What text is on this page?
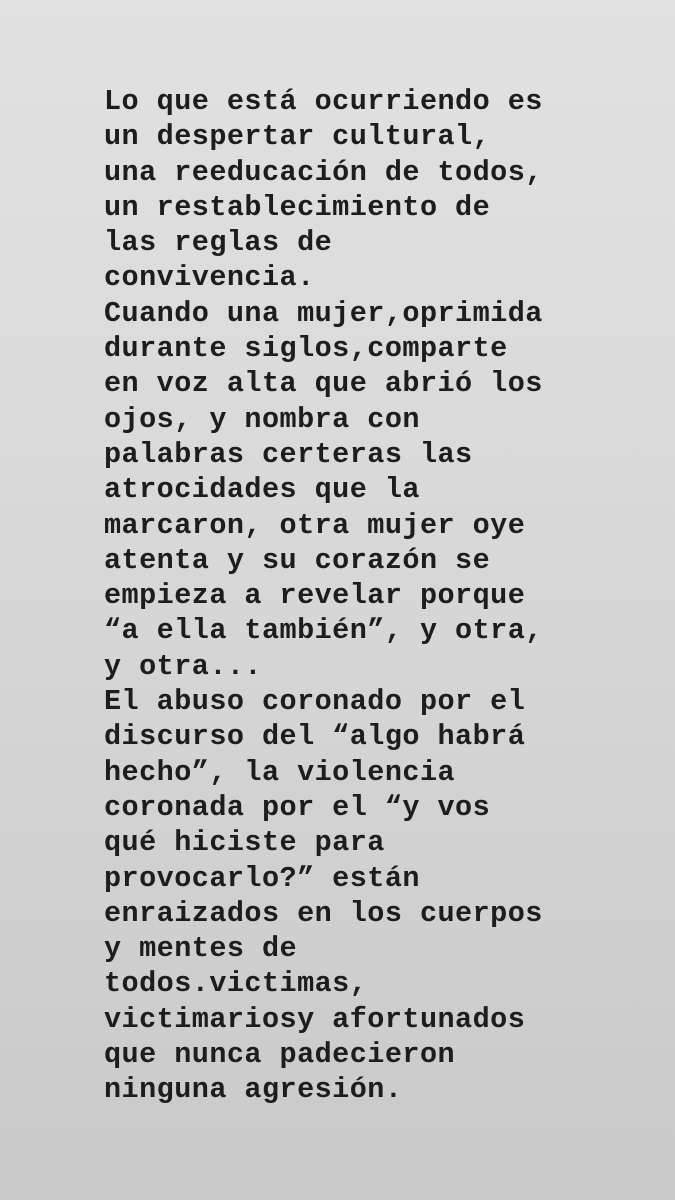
Lo que está ocurriendo es
un despertar cultural,
una reeducación de todos,
un restablecimiento de
las reglas de
convivencia.
Cuando una mujer,oprimida
durante siglos,comparte
en voz alta que abrió los
ojos, y nombra con
palabras certeras las
atrocidades que la
marcaron, otra mujer oye
atenta y su corazón se
empieza a revelar porque
“a ella también”, y otra,
y otra...
El abuso coronado por el
discurso del “algo habrá
hecho”, la violencia
coronada por el “y vos
qué hiciste para
provocarlo?” están
enraizados en los cuerpos
y mentes de
todos.victimas,
victimariosy afortunados
que nunca padecieron
ninguna agresión.
